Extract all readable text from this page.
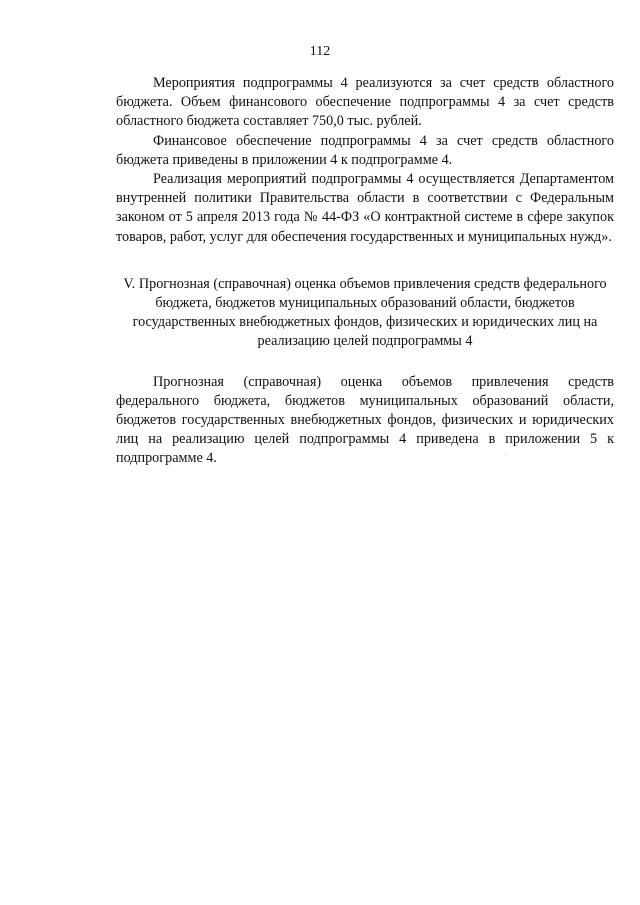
112

Мероприятия подпрограммы 4 реализуются за счет средств областного бюджета. Объем финансового обеспечение подпрограммы 4 за счет средств областного бюджета составляет 750,0 тыс. рублей.

Финансовое обеспечение подпрограммы 4 за счет средств областного бюджета приведены в приложении 4 к подпрограмме 4.

Реализация мероприятий подпрограммы 4 осуществляется Департаментом внутренней политики Правительства области в соответствии с Федеральным законом от 5 апреля 2013 года № 44-ФЗ «О контрактной системе в сфере закупок товаров, работ, услуг для обеспечения государственных и муниципальных нужд».

V. Прогнозная (справочная) оценка объемов привлечения средств федерального бюджета, бюджетов муниципальных образований области, бюджетов государственных внебюджетных фондов, физических и юридических лиц на реализацию целей подпрограммы 4

Прогнозная (справочная) оценка объемов привлечения средств федерального бюджета, бюджетов муниципальных образований области, бюджетов государственных внебюджетных фондов, физических и юридических лиц на реализацию целей подпрограммы 4 приведена в приложении 5 к подпрограмме 4.
